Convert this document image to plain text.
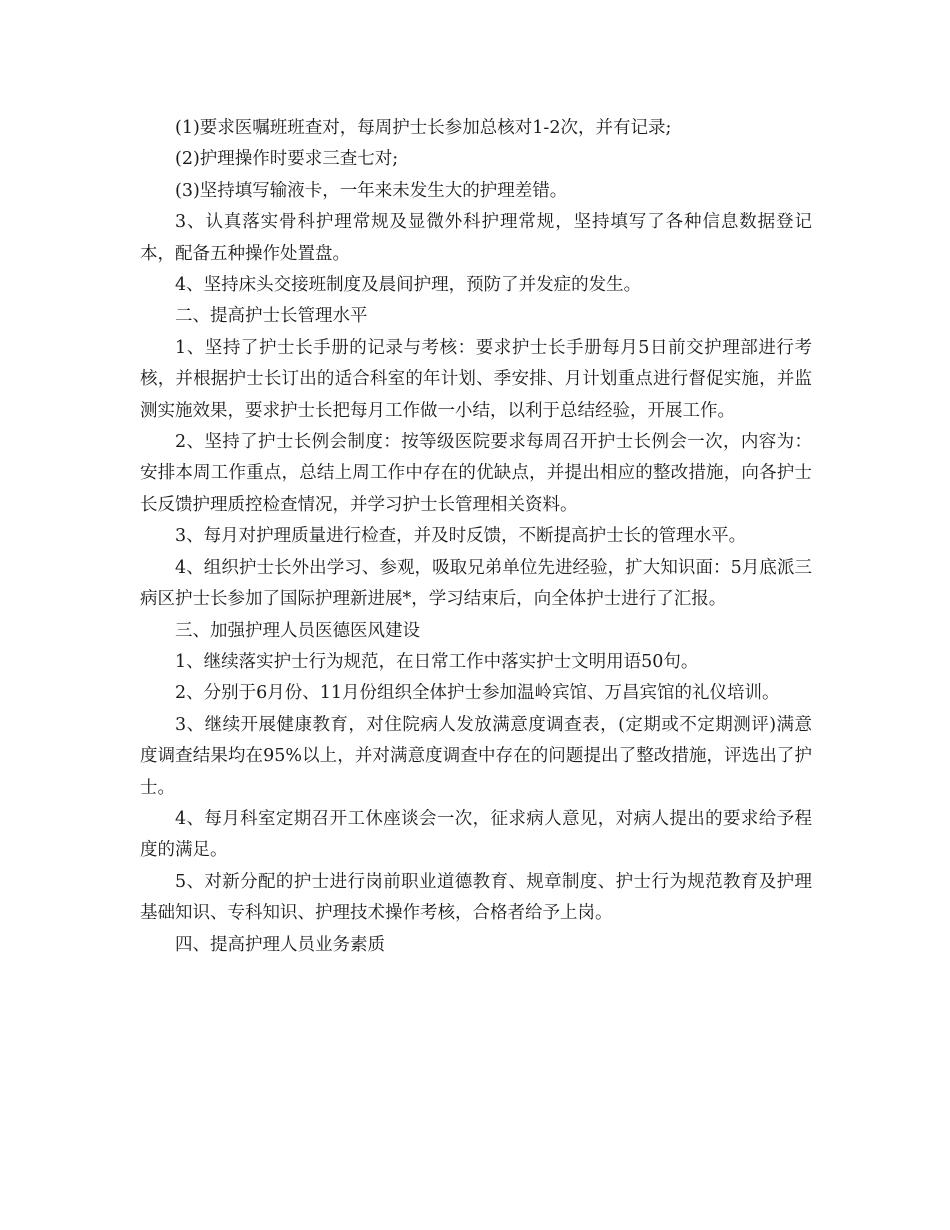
(1)要求医嘱班班查对，每周护士长参加总核对1-2次，并有记录;

(2)护理操作时要求三查七对;

(3)坚持填写输液卡，一年来未发生大的护理差错。

3、认真落实骨科护理常规及显微外科护理常规，坚持填写了各种信息数据登记本，配备五种操作处置盘。

4、坚持床头交接班制度及晨间护理，预防了并发症的发生。

二、提高护士长管理水平

1、坚持了护士长手册的记录与考核：要求护士长手册每月5日前交护理部进行考核，并根据护士长订出的适合科室的年计划、季安排、月计划重点进行督促实施，并监测实施效果，要求护士长把每月工作做一小结，以利于总结经验，开展工作。

2、坚持了护士长例会制度：按等级医院要求每周召开护士长例会一次，内容为：安排本周工作重点，总结上周工作中存在的优缺点，并提出相应的整改措施，向各护士长反馈护理质控检查情况，并学习护士长管理相关资料。

3、每月对护理质量进行检查，并及时反馈，不断提高护士长的管理水平。

4、组织护士长外出学习、参观，吸取兄弟单位先进经验，扩大知识面：5月底派三病区护士长参加了国际护理新进展*，学习结束后，向全体护士进行了汇报。

三、加强护理人员医德医风建设

1、继续落实护士行为规范，在日常工作中落实护士文明用语50句。

2、分别于6月份、11月份组织全体护士参加温岭宾馆、万昌宾馆的礼仪培训。

3、继续开展健康教育，对住院病人发放满意度调查表，(定期或不定期测评)满意度调查结果均在95%以上，并对满意度调查中存在的问题提出了整改措施，评选出了护士。

4、每月科室定期召开工休座谈会一次，征求病人意见，对病人提出的要求给予程度的满足。

5、对新分配的护士进行岗前职业道德教育、规章制度、护士行为规范教育及护理基础知识、专科知识、护理技术操作考核，合格者给予上岗。

四、提高护理人员业务素质
